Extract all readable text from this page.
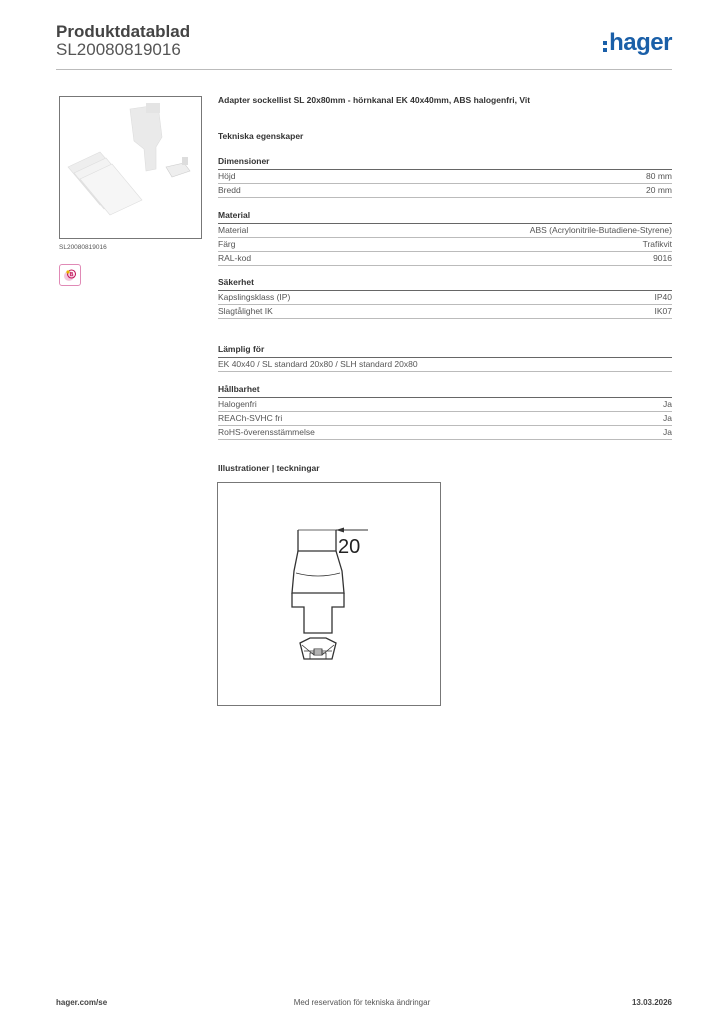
Produktdatablad
SL20080819016	hager
SL20080819016
B
Adapter sockellist SL 20x80mm - hörnkanal EK 40x40mm, ABS halogenfri, Vit
Tekniska egenskaper
Dimensioner
Höjd	80 mm
Bredd	20 mm
Material
Material	ABS (Acrylonitrile-Butadiene-Styrene)
Färg	Trafikvit
RAL-kod	9016
Säkerhet
Kapslingsklass (IP)	IP40
Slagtålighet IK	IK07
Lämplig för
EK 40x40 / SL standard 20x80 / SLH standard 20x80
Hållbarhet
Halogenfri	Ja
REACh-SVHC fri	Ja
RoHS-överensstämmelse	Ja
Illustrationer | teckningar
20
hager.com/se	Med reservation för tekniska ändringar	13.03.2026
